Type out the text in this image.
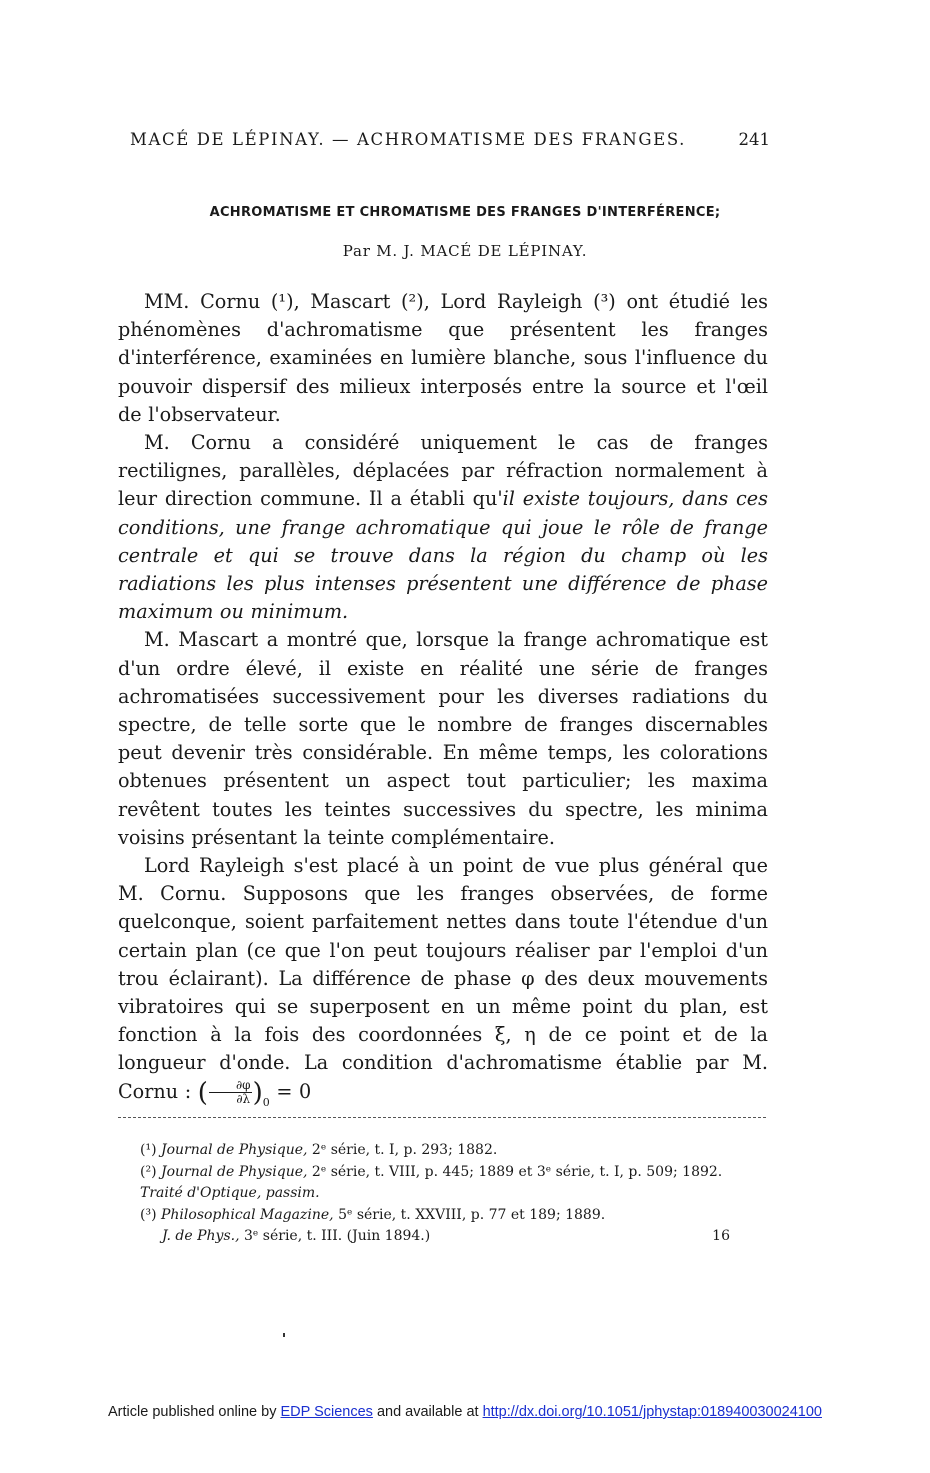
MACÉ DE LÉPINAY. — ACHROMATISME DES FRANGES.	241
ACHROMATISME ET CHROMATISME DES FRANGES D'INTERFÉRENCE;
Par M. J. MACÉ DE LÉPINAY.

MM. Cornu (¹), Mascart (²), Lord Rayleigh (³) ont étudié les phénomènes d'achromatisme que présentent les franges d'interférence, examinées en lumière blanche, sous l'influence du pouvoir dispersif des milieux interposés entre la source et l'œil de l'observateur.

M. Cornu a considéré uniquement le cas de franges rectilignes, parallèles, déplacées par réfraction normalement à leur direction commune. Il a établi qu'il existe toujours, dans ces conditions, une frange achromatique qui joue le rôle de frange centrale et qui se trouve dans la région du champ où les radiations les plus intenses présentent une différence de phase maximum ou minimum.

M. Mascart a montré que, lorsque la frange achromatique est d'un ordre élevé, il existe en réalité une série de franges achromatisées successivement pour les diverses radiations du spectre, de telle sorte que le nombre de franges discernables peut devenir très considérable. En même temps, les colorations obtenues présentent un aspect tout particulier; les maxima revêtent toutes les teintes successives du spectre, les minima voisins présentant la teinte complémentaire.

Lord Rayleigh s'est placé à un point de vue plus général que M. Cornu. Supposons que les franges observées, de forme quelconque, soient parfaitement nettes dans toute l'étendue d'un certain plan (ce que l'on peut toujours réaliser par l'emploi d'un trou éclairant). La différence de phase φ des deux mouvements vibratoires qui se superposent en un même point du plan, est fonction à la fois des coordonnées ξ, η de ce point et de la longueur d'onde. La condition d'achromatisme établie par M. Cornu : ( $\frac{\partial\varphi}{\partial\lambda} )_0 = 0$

(¹) Journal de Physique, 2ᵉ série, t. I, p. 293; 1882.

(²) Journal de Physique, 2ᵉ série, t. VIII, p. 445; 1889 et 3ᵉ série, t. I, p. 509; 1892. Traité d'Optique, passim.

(³) Philosophical Magazine, 5ᵉ série, t. XXVIII, p. 77 et 189; 1889.

J. de Phys., 3ᵉ série, t. III. (Juin 1894.)	16
Article published online by EDP Sciences and available at http://dx.doi.org/10.1051/jphystap:018940030024100
